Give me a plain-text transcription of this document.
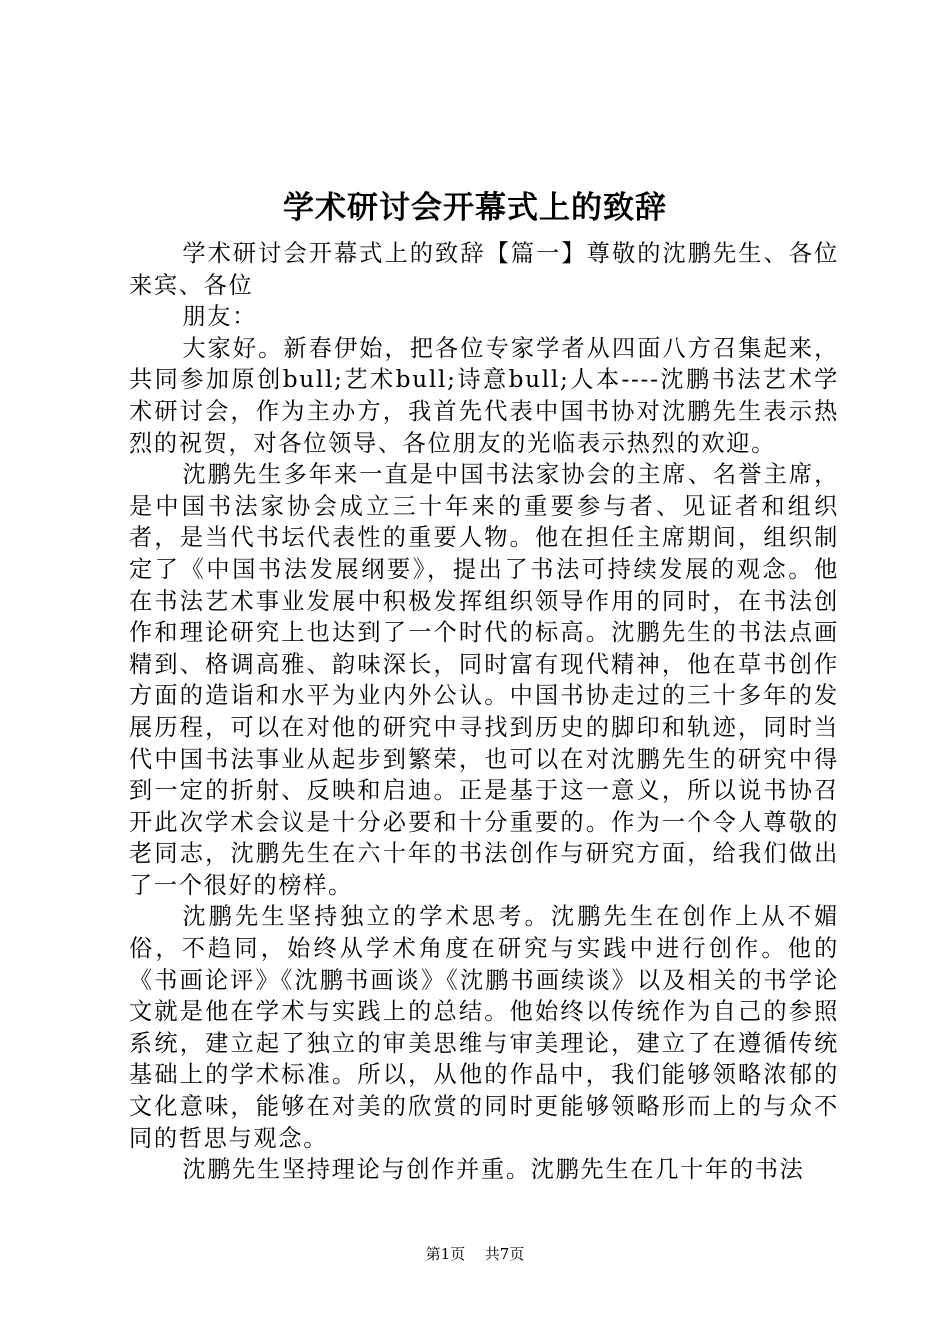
学术研讨会开幕式上的致辞

学术研讨会开幕式上的致辞【篇一】尊敬的沈鹏先生、各位来宾、各位

朋友：

大家好。新春伊始，把各位专家学者从四面八方召集起来，共同参加原创bull;艺术bull;诗意bull;人本----沈鹏书法艺术学术研讨会，作为主办方，我首先代表中国书协对沈鹏先生表示热烈的祝贺，对各位领导、各位朋友的光临表示热烈的欢迎。

沈鹏先生多年来一直是中国书法家协会的主席、名誉主席，是中国书法家协会成立三十年来的重要参与者、见证者和组织者，是当代书坛代表性的重要人物。他在担任主席期间，组织制定了《中国书法发展纲要》，提出了书法可持续发展的观念。他在书法艺术事业发展中积极发挥组织领导作用的同时，在书法创作和理论研究上也达到了一个时代的标高。沈鹏先生的书法点画精到、格调高雅、韵味深长，同时富有现代精神，他在草书创作方面的造诣和水平为业内外公认。中国书协走过的三十多年的发展历程，可以在对他的研究中寻找到历史的脚印和轨迹，同时当代中国书法事业从起步到繁荣，也可以在对沈鹏先生的研究中得到一定的折射、反映和启迪。正是基于这一意义，所以说书协召开此次学术会议是十分必要和十分重要的。作为一个令人尊敬的老同志，沈鹏先生在六十年的书法创作与研究方面，给我们做出了一个很好的榜样。

沈鹏先生坚持独立的学术思考。沈鹏先生在创作上从不媚俗，不趋同，始终从学术角度在研究与实践中进行创作。他的《书画论评》《沈鹏书画谈》《沈鹏书画续谈》以及相关的书学论文就是他在学术与实践上的总结。他始终以传统作为自己的参照系统，建立起了独立的审美思维与审美理论，建立了在遵循传统基础上的学术标准。所以，从他的作品中，我们能够领略浓郁的文化意味，能够在对美的欣赏的同时更能够领略形而上的与众不同的哲思与观念。

沈鹏先生坚持理论与创作并重。沈鹏先生在几十年的书法

第1页 共7页
